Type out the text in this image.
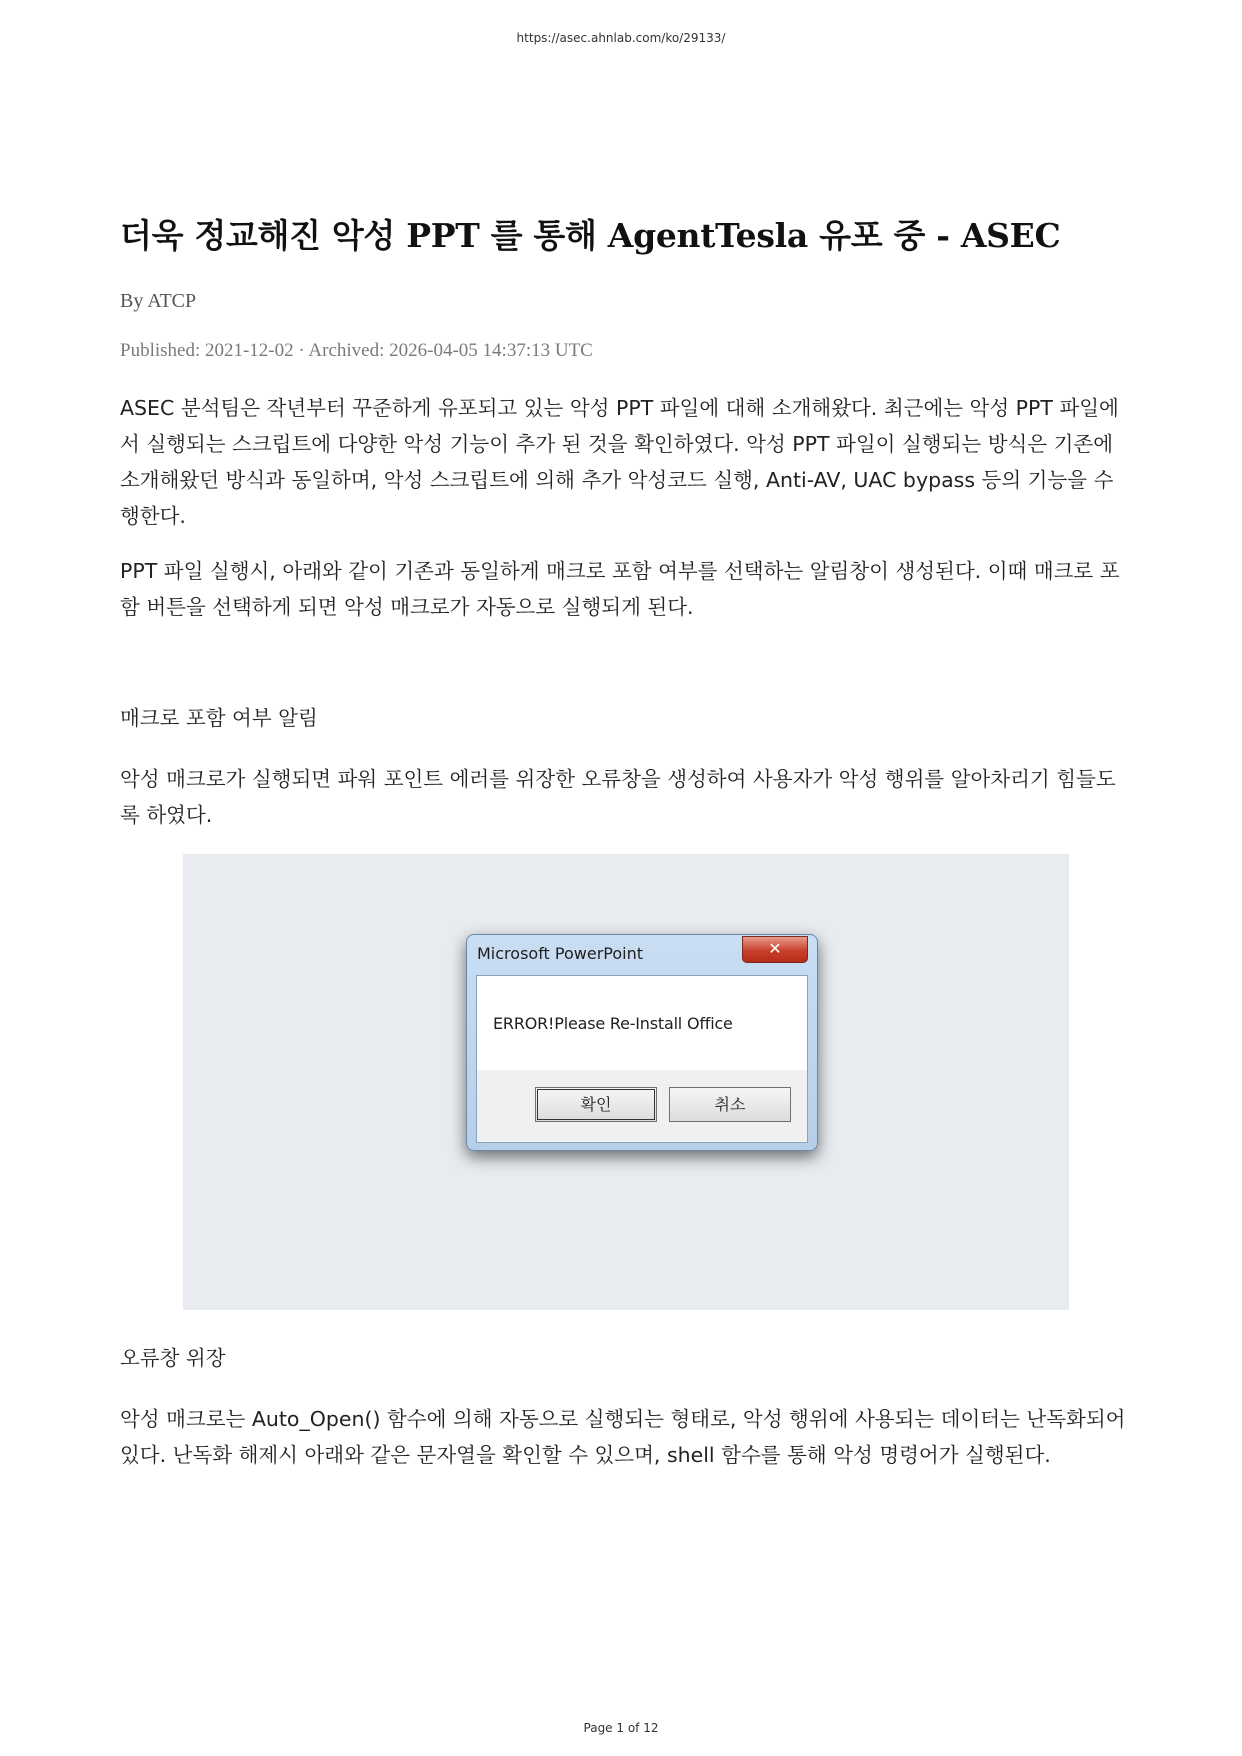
https://asec.ahnlab.com/ko/29133/
더욱 정교해진 악성 PPT 를 통해 AgentTesla 유포 중 - ASEC
By ATCP
Published: 2021-12-02 · Archived: 2026-04-05 14:37:13 UTC

ASEC 분석팀은 작년부터 꾸준하게 유포되고 있는 악성 PPT 파일에 대해 소개해왔다. 최근에는 악성 PPT 파일에서 실행되는 스크립트에 다양한 악성 기능이 추가 된 것을 확인하였다. 악성 PPT 파일이 실행되는 방식은 기존에 소개해왔던 방식과 동일하며, 악성 스크립트에 의해 추가 악성코드 실행, Anti-AV, UAC bypass 등의 기능을 수행한다.

PPT 파일 실행시, 아래와 같이 기존과 동일하게 매크로 포함 여부를 선택하는 알림창이 생성된다. 이때 매크로 포함 버튼을 선택하게 되면 악성 매크로가 자동으로 실행되게 된다.

매크로 포함 여부 알림

악성 매크로가 실행되면 파워 포인트 에러를 위장한 오류창을 생성하여 사용자가 악성 행위를 알아차리기 힘들도록 하였다.

Microsoft PowerPoint	✕
ERROR!Please Re-Install Office
확인	취소

오류창 위장

악성 매크로는 Auto_Open() 함수에 의해 자동으로 실행되는 형태로, 악성 행위에 사용되는 데이터는 난독화되어 있다. 난독화 해제시 아래와 같은 문자열을 확인할 수 있으며, shell 함수를 통해 악성 명령어가 실행된다.

Page 1 of 12
